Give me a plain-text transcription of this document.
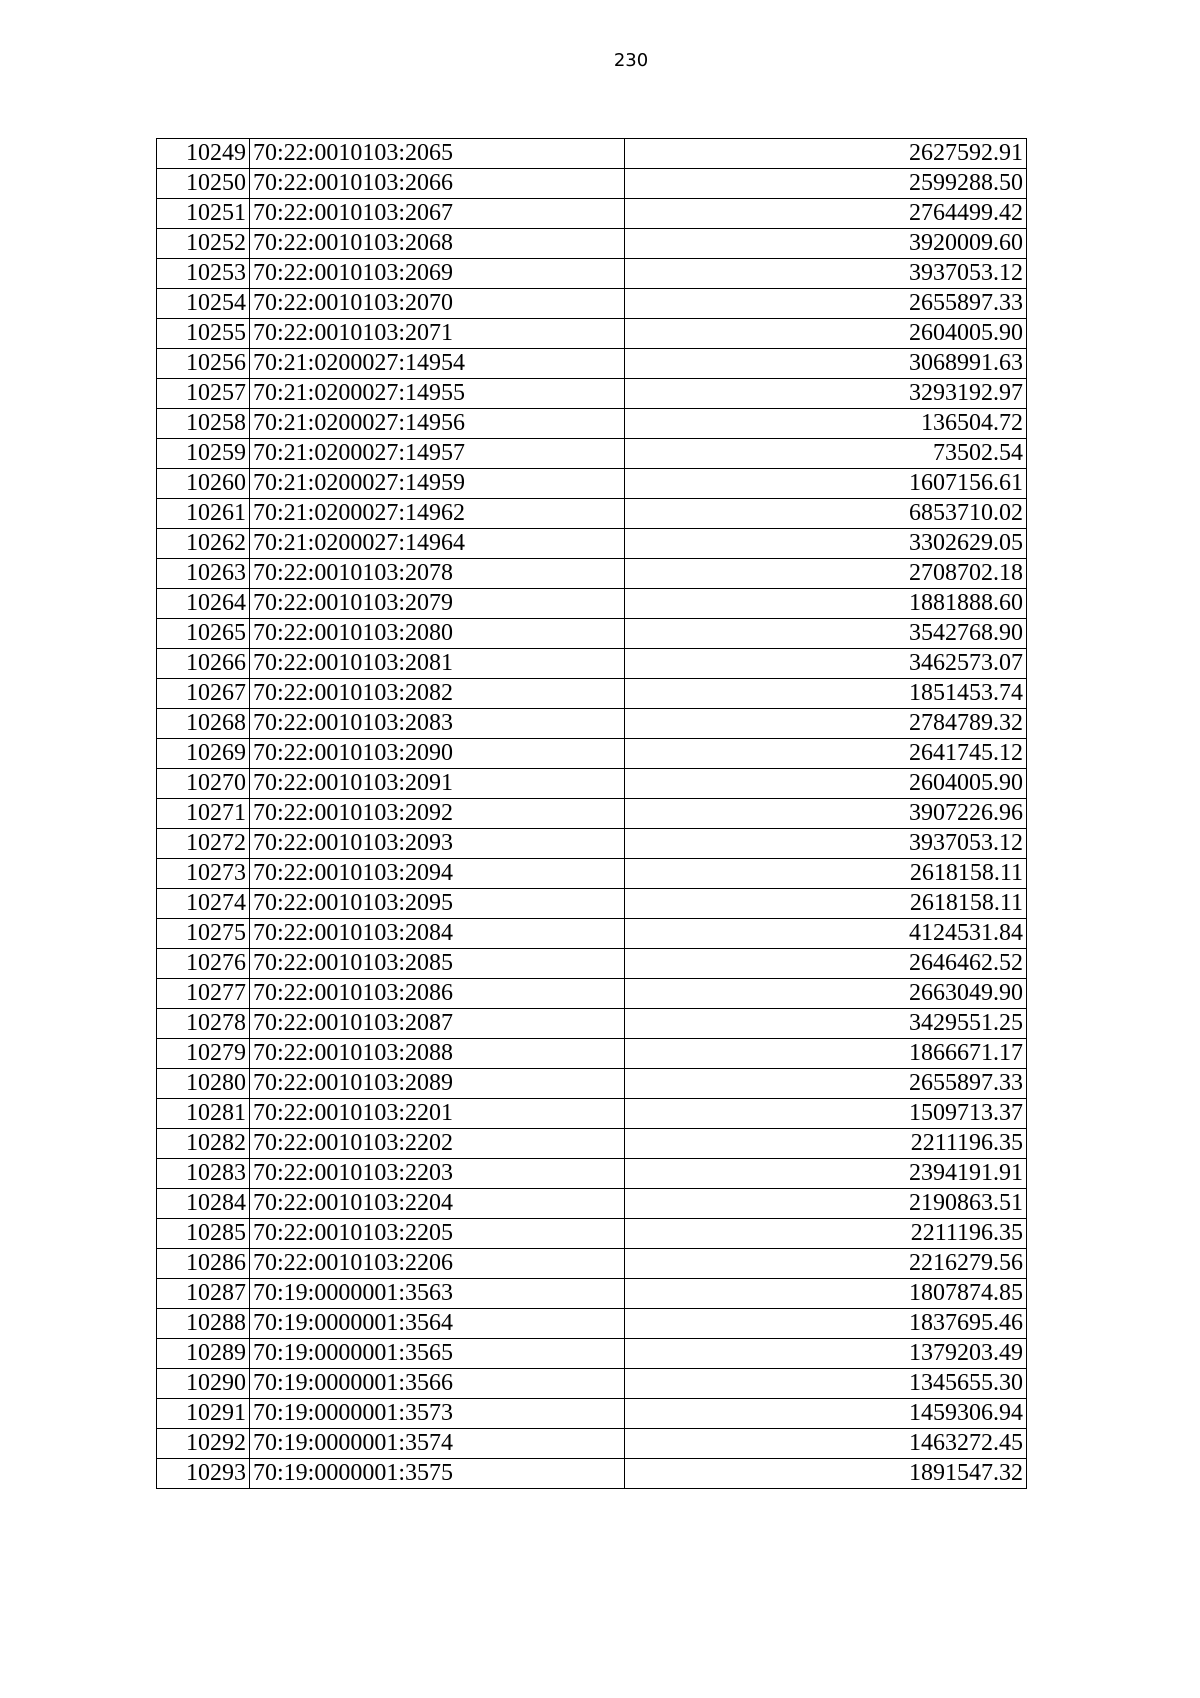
230
10249	70:22:0010103:2065	2627592.91
10250	70:22:0010103:2066	2599288.50
10251	70:22:0010103:2067	2764499.42
10252	70:22:0010103:2068	3920009.60
10253	70:22:0010103:2069	3937053.12
10254	70:22:0010103:2070	2655897.33
10255	70:22:0010103:2071	2604005.90
10256	70:21:0200027:14954	3068991.63
10257	70:21:0200027:14955	3293192.97
10258	70:21:0200027:14956	136504.72
10259	70:21:0200027:14957	73502.54
10260	70:21:0200027:14959	1607156.61
10261	70:21:0200027:14962	6853710.02
10262	70:21:0200027:14964	3302629.05
10263	70:22:0010103:2078	2708702.18
10264	70:22:0010103:2079	1881888.60
10265	70:22:0010103:2080	3542768.90
10266	70:22:0010103:2081	3462573.07
10267	70:22:0010103:2082	1851453.74
10268	70:22:0010103:2083	2784789.32
10269	70:22:0010103:2090	2641745.12
10270	70:22:0010103:2091	2604005.90
10271	70:22:0010103:2092	3907226.96
10272	70:22:0010103:2093	3937053.12
10273	70:22:0010103:2094	2618158.11
10274	70:22:0010103:2095	2618158.11
10275	70:22:0010103:2084	4124531.84
10276	70:22:0010103:2085	2646462.52
10277	70:22:0010103:2086	2663049.90
10278	70:22:0010103:2087	3429551.25
10279	70:22:0010103:2088	1866671.17
10280	70:22:0010103:2089	2655897.33
10281	70:22:0010103:2201	1509713.37
10282	70:22:0010103:2202	2211196.35
10283	70:22:0010103:2203	2394191.91
10284	70:22:0010103:2204	2190863.51
10285	70:22:0010103:2205	2211196.35
10286	70:22:0010103:2206	2216279.56
10287	70:19:0000001:3563	1807874.85
10288	70:19:0000001:3564	1837695.46
10289	70:19:0000001:3565	1379203.49
10290	70:19:0000001:3566	1345655.30
10291	70:19:0000001:3573	1459306.94
10292	70:19:0000001:3574	1463272.45
10293	70:19:0000001:3575	1891547.32
